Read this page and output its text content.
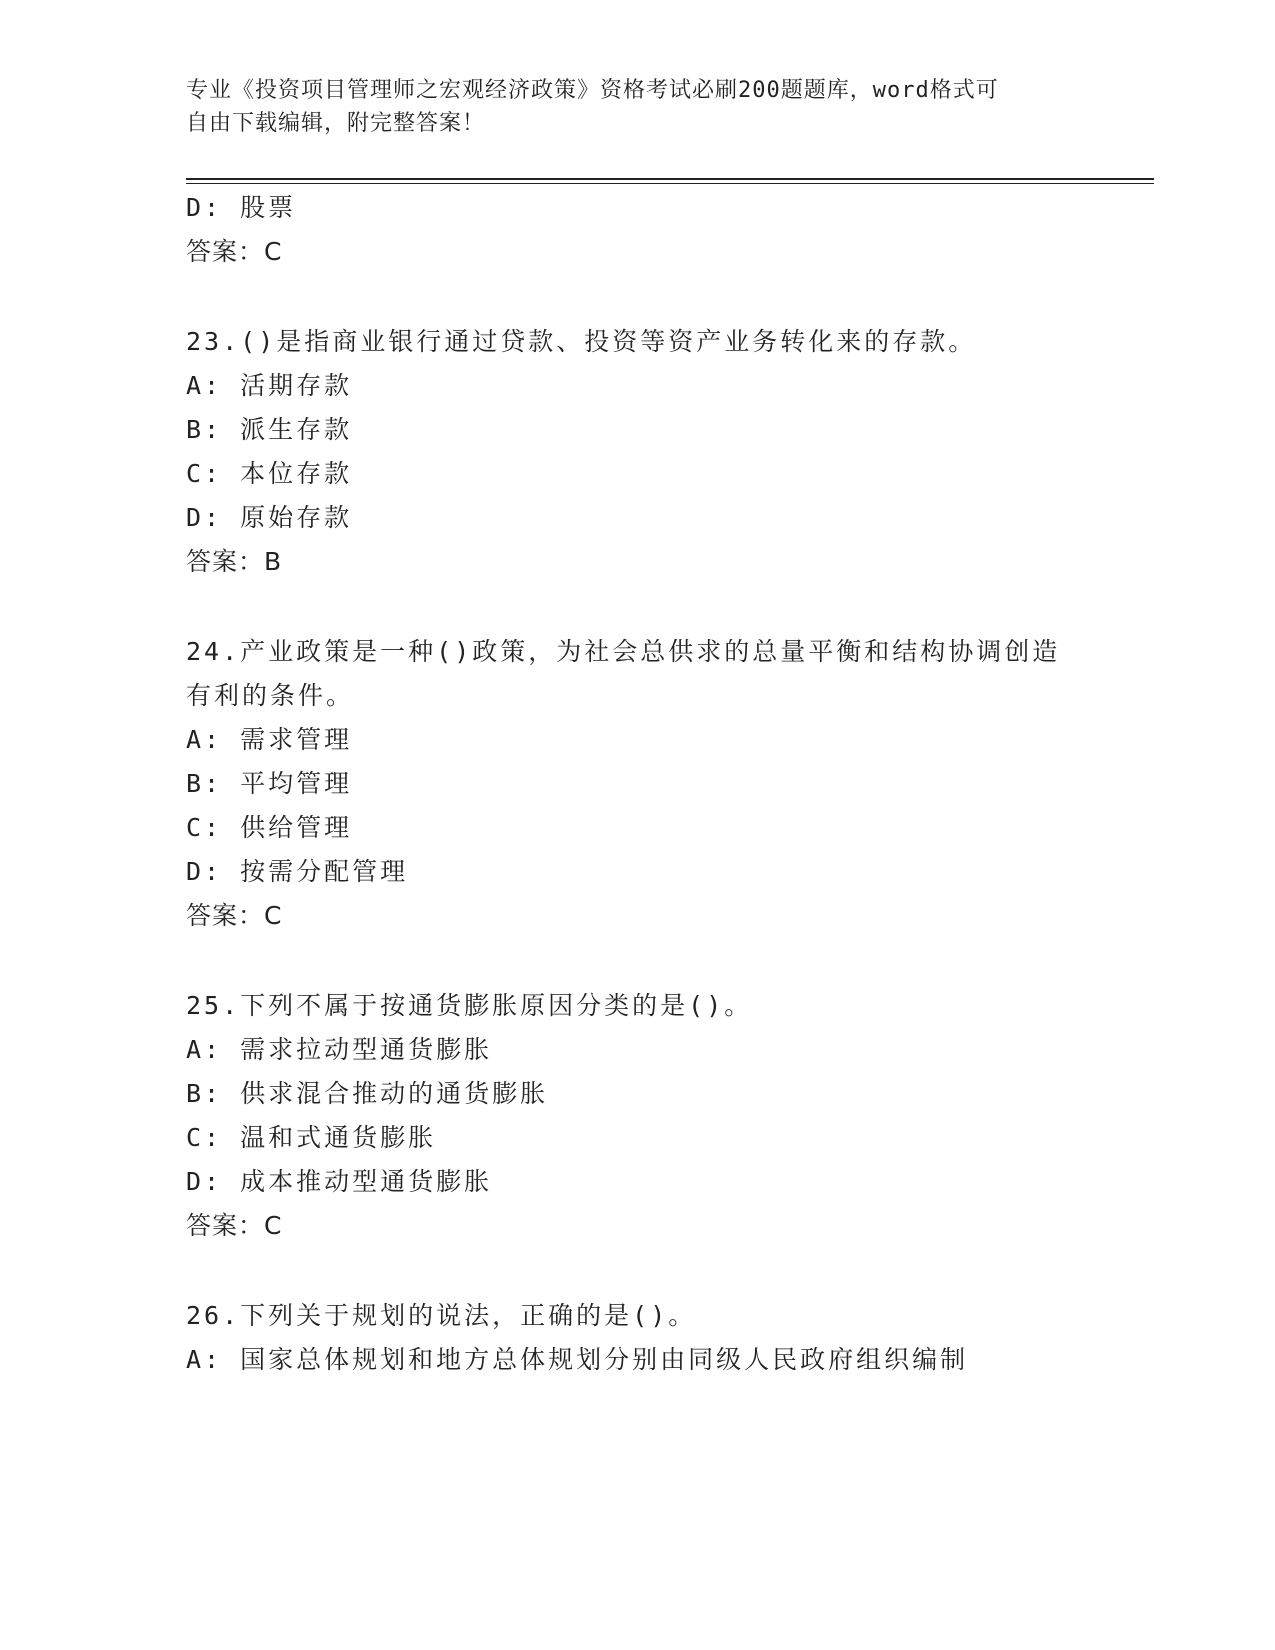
专业《投资项目管理师之宏观经济政策》资格考试必刷200题题库，word格式可
自由下载编辑，附完整答案！
D: 股票
答案：C
23.()是指商业银行通过贷款、投资等资产业务转化来的存款。
A: 活期存款
B: 派生存款
C: 本位存款
D: 原始存款
答案：B
24.产业政策是一种()政策，为社会总供求的总量平衡和结构协调创造
有利的条件。
A: 需求管理
B: 平均管理
C: 供给管理
D: 按需分配管理
答案：C
25.下列不属于按通货膨胀原因分类的是()。
A: 需求拉动型通货膨胀
B: 供求混合推动的通货膨胀
C: 温和式通货膨胀
D: 成本推动型通货膨胀
答案：C
26.下列关于规划的说法，正确的是()。
A: 国家总体规划和地方总体规划分别由同级人民政府组织编制
